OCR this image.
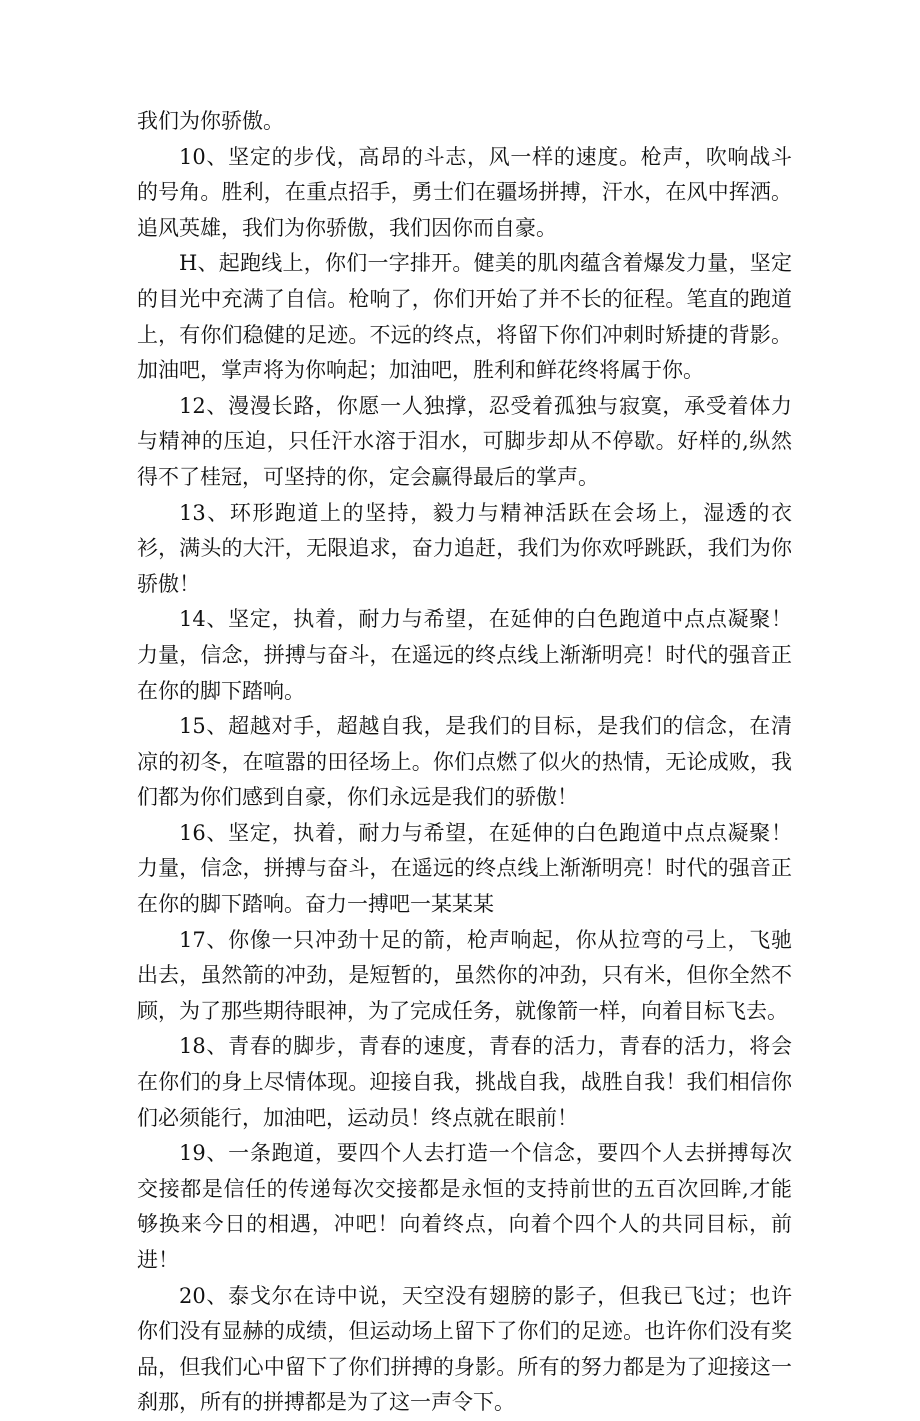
我们为你骄傲。

10、坚定的步伐，高昂的斗志，风一样的速度。枪声，吹响战斗的号角。胜利，在重点招手，勇士们在疆场拼搏，汗水，在风中挥洒。追风英雄，我们为你骄傲，我们因你而自豪。

H、起跑线上，你们一字排开。健美的肌肉蕴含着爆发力量，坚定的目光中充满了自信。枪响了，你们开始了并不长的征程。笔直的跑道上，有你们稳健的足迹。不远的终点，将留下你们冲刺时矫捷的背影。加油吧，掌声将为你响起；加油吧，胜利和鲜花终将属于你。

12、漫漫长路，你愿一人独撑，忍受着孤独与寂寞，承受着体力与精神的压迫，只任汗水溶于泪水，可脚步却从不停歇。好样的,纵然得不了桂冠，可坚持的你，定会赢得最后的掌声。

13、环形跑道上的坚持，毅力与精神活跃在会场上，湿透的衣衫，满头的大汗，无限追求，奋力追赶，我们为你欢呼跳跃，我们为你骄傲！

14、坚定，执着，耐力与希望，在延伸的白色跑道中点点凝聚！力量，信念，拼搏与奋斗，在遥远的终点线上渐渐明亮！时代的强音正在你的脚下踏响。

15、超越对手，超越自我，是我们的目标，是我们的信念，在清凉的初冬，在喧嚣的田径场上。你们点燃了似火的热情，无论成败，我们都为你们感到自豪，你们永远是我们的骄傲！

16、坚定，执着，耐力与希望，在延伸的白色跑道中点点凝聚！力量，信念，拼搏与奋斗，在遥远的终点线上渐渐明亮！时代的强音正在你的脚下踏响。奋力一搏吧一某某某

17、你像一只冲劲十足的箭，枪声响起，你从拉弯的弓上，飞驰出去，虽然箭的冲劲，是短暂的，虽然你的冲劲，只有米，但你全然不顾，为了那些期待眼神，为了完成任务，就像箭一样，向着目标飞去。

18、青春的脚步，青春的速度，青春的活力，青春的活力，将会在你们的身上尽情体现。迎接自我，挑战自我，战胜自我！我们相信你们必须能行，加油吧，运动员！终点就在眼前！

19、一条跑道，要四个人去打造一个信念，要四个人去拼搏每次交接都是信任的传递每次交接都是永恒的支持前世的五百次回眸,才能够换来今日的相遇，冲吧！向着终点，向着个四个人的共同目标，前进！

20、泰戈尔在诗中说，天空没有翅膀的影子，但我已飞过；也许你们没有显赫的成绩，但运动场上留下了你们的足迹。也许你们没有奖品，但我们心中留下了你们拼搏的身影。所有的努力都是为了迎接这一刹那，所有的拼搏都是为了这一声令下。
